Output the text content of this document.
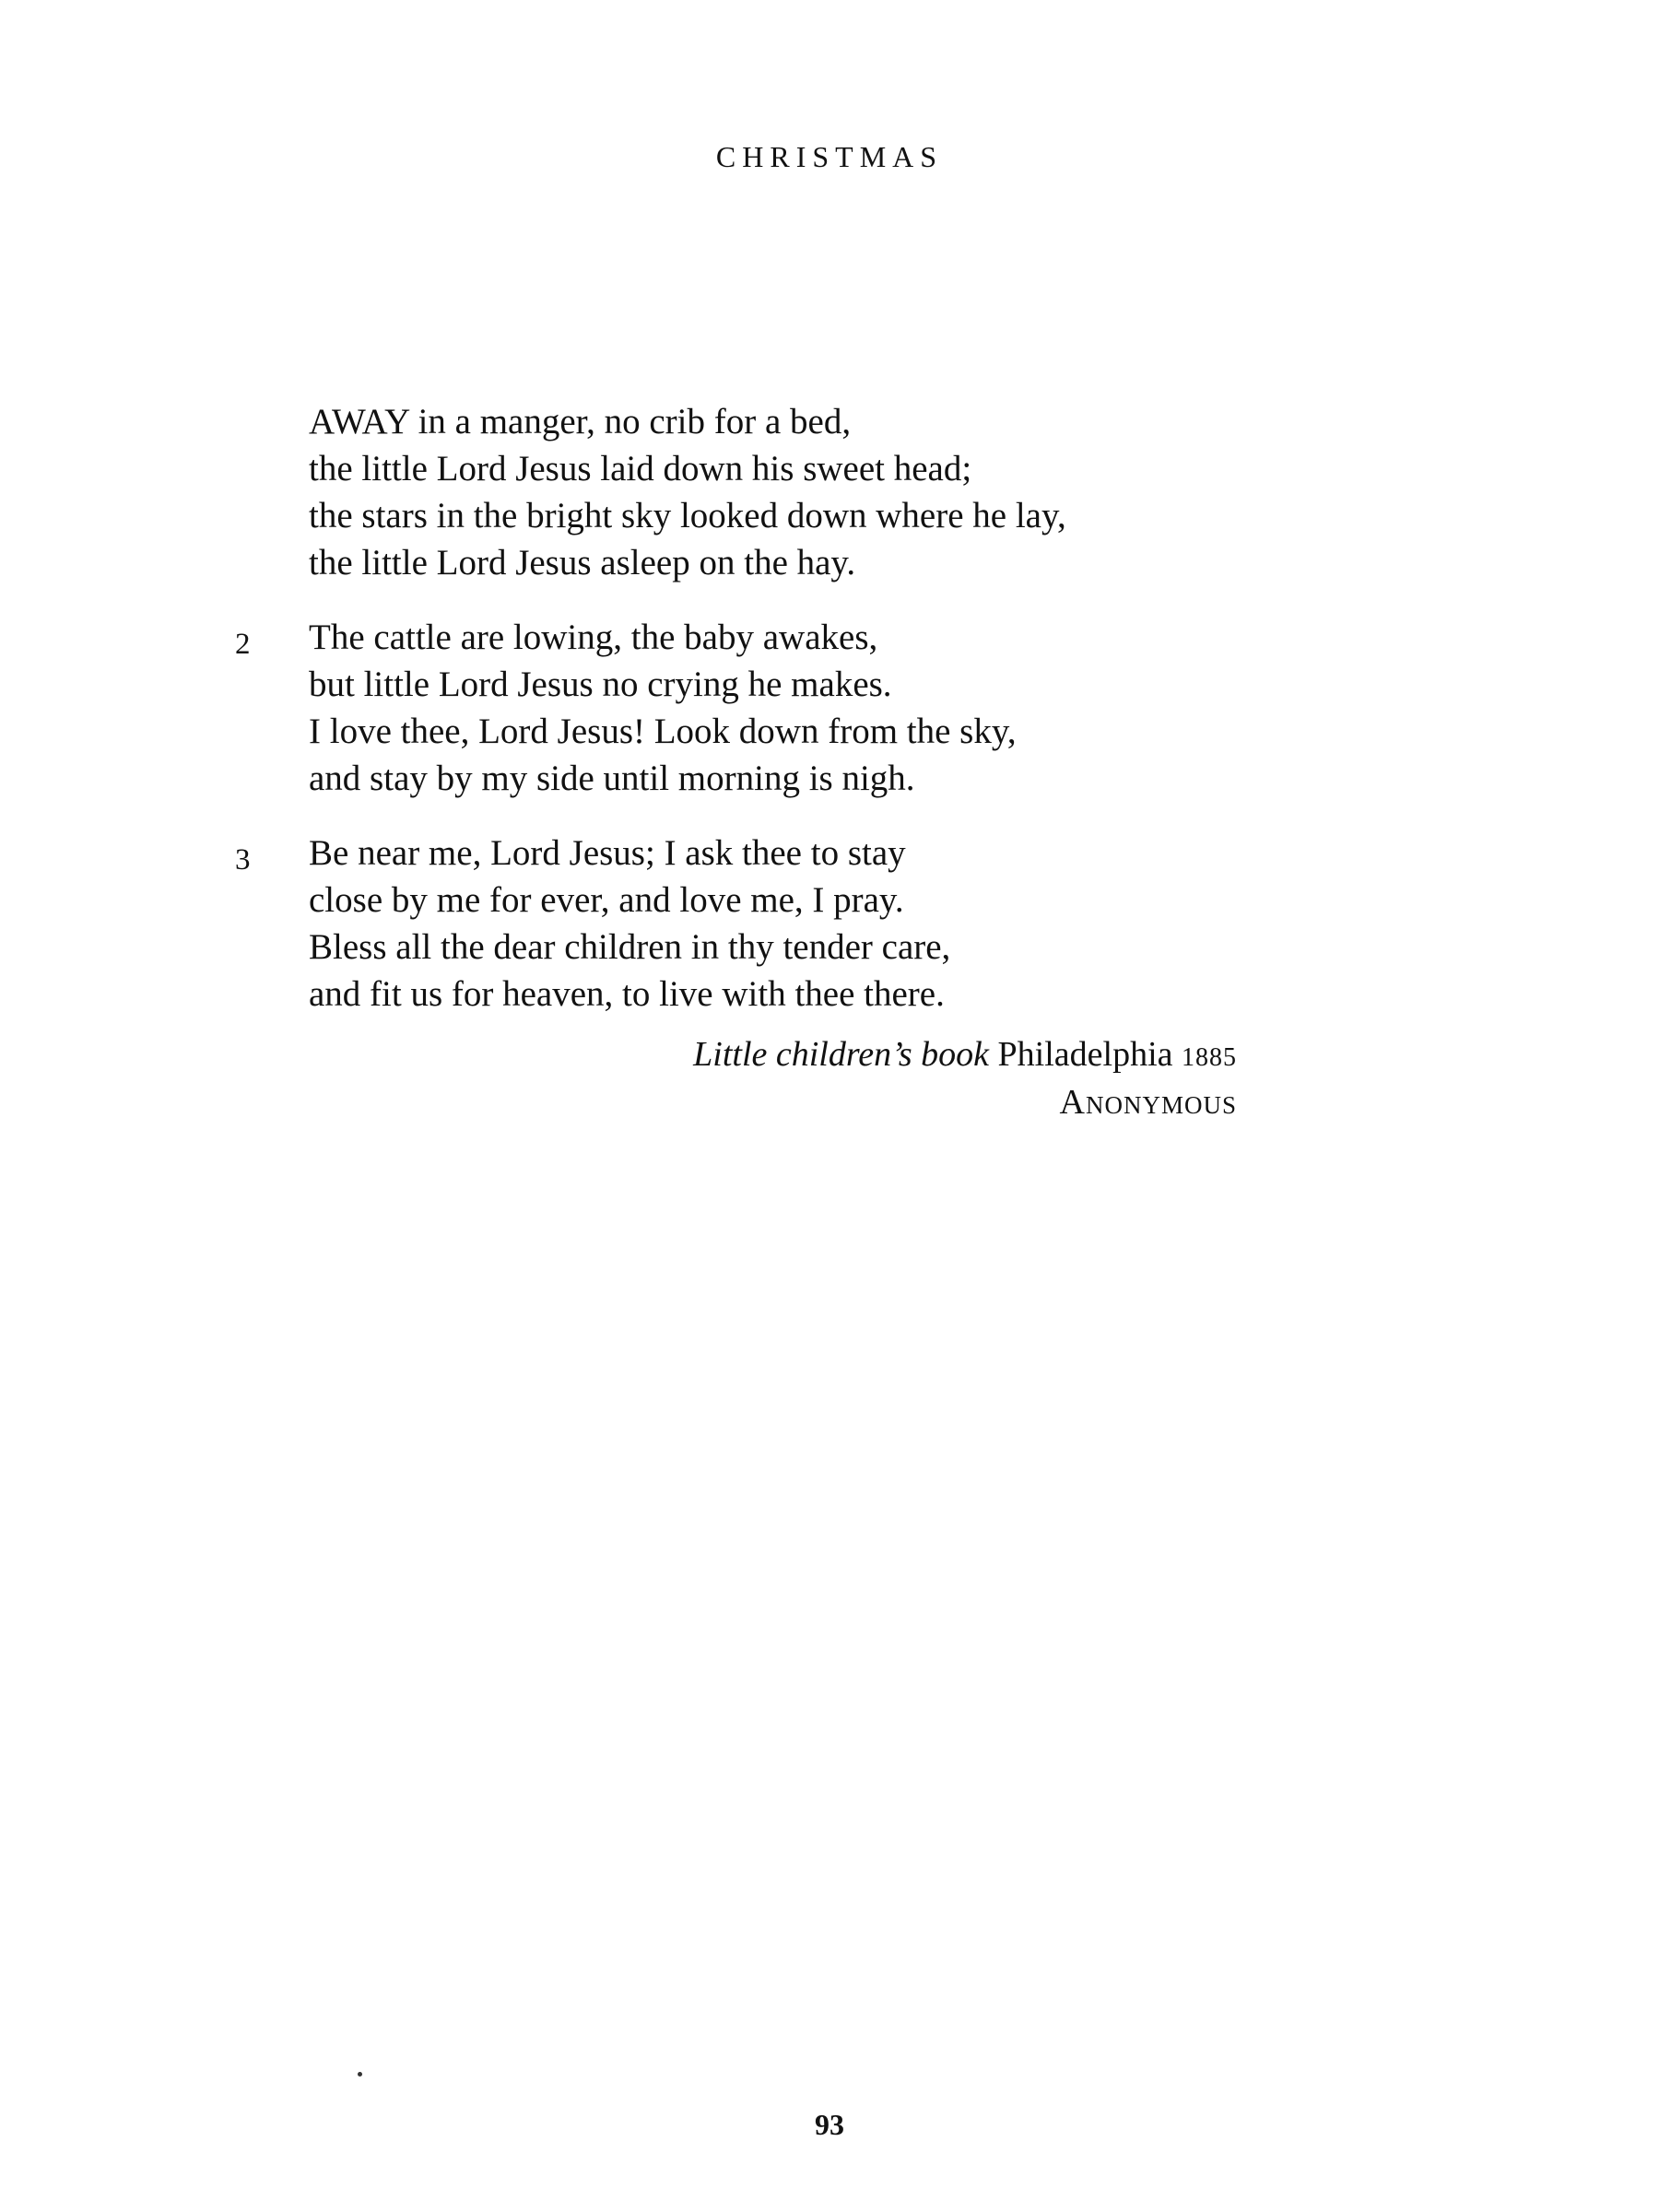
CHRISTMAS
AWAY in a manger, no crib for a bed,
the little Lord Jesus laid down his sweet head;
the stars in the bright sky looked down where he lay,
the little Lord Jesus asleep on the hay.
2 The cattle are lowing, the baby awakes,
but little Lord Jesus no crying he makes.
I love thee, Lord Jesus! Look down from the sky,
and stay by my side until morning is nigh.
3 Be near me, Lord Jesus; I ask thee to stay
close by me for ever, and love me, I pray.
Bless all the dear children in thy tender care,
and fit us for heaven, to live with thee there.
Little children’s book Philadelphia 1885
Anonymous
93
